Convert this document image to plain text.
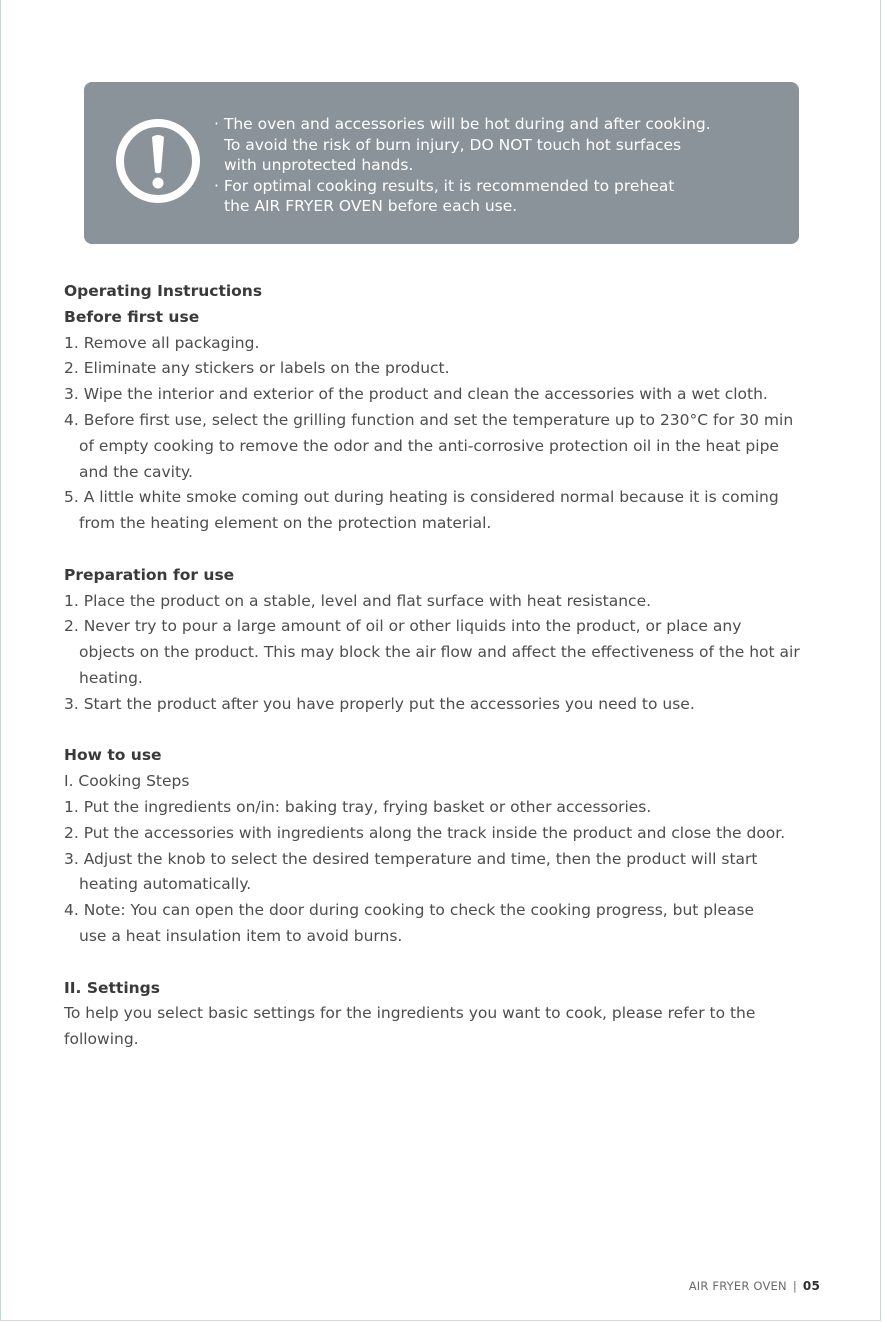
· The oven and accessories will be hot during and after cooking.
To avoid the risk of burn injury, DO NOT touch hot surfaces
with unprotected hands.
· For optimal cooking results, it is recommended to preheat
the AIR FRYER OVEN before each use.
Operating Instructions
Before first use
1. Remove all packaging.
2. Eliminate any stickers or labels on the product.
3. Wipe the interior and exterior of the product and clean the accessories with a wet cloth.
4. Before first use, select the grilling function and set the temperature up to 230°C for 30 min
of empty cooking to remove the odor and the anti-corrosive protection oil in the heat pipe
and the cavity.
5. A little white smoke coming out during heating is considered normal because it is coming
from the heating element on the protection material.
Preparation for use
1. Place the product on a stable, level and flat surface with heat resistance.
2. Never try to pour a large amount of oil or other liquids into the product, or place any
objects on the product. This may block the air flow and affect the effectiveness of the hot air
heating.
3. Start the product after you have properly put the accessories you need to use.
How to use
I. Cooking Steps
1. Put the ingredients on/in: baking tray, frying basket or other accessories.
2. Put the accessories with ingredients along the track inside the product and close the door.
3. Adjust the knob to select the desired temperature and time, then the product will start
heating automatically.
4. Note: You can open the door during cooking to check the cooking progress, but please
use a heat insulation item to avoid burns.
II. Settings
To help you select basic settings for the ingredients you want to cook, please refer to the
following.
AIR FRYER OVEN | 05
